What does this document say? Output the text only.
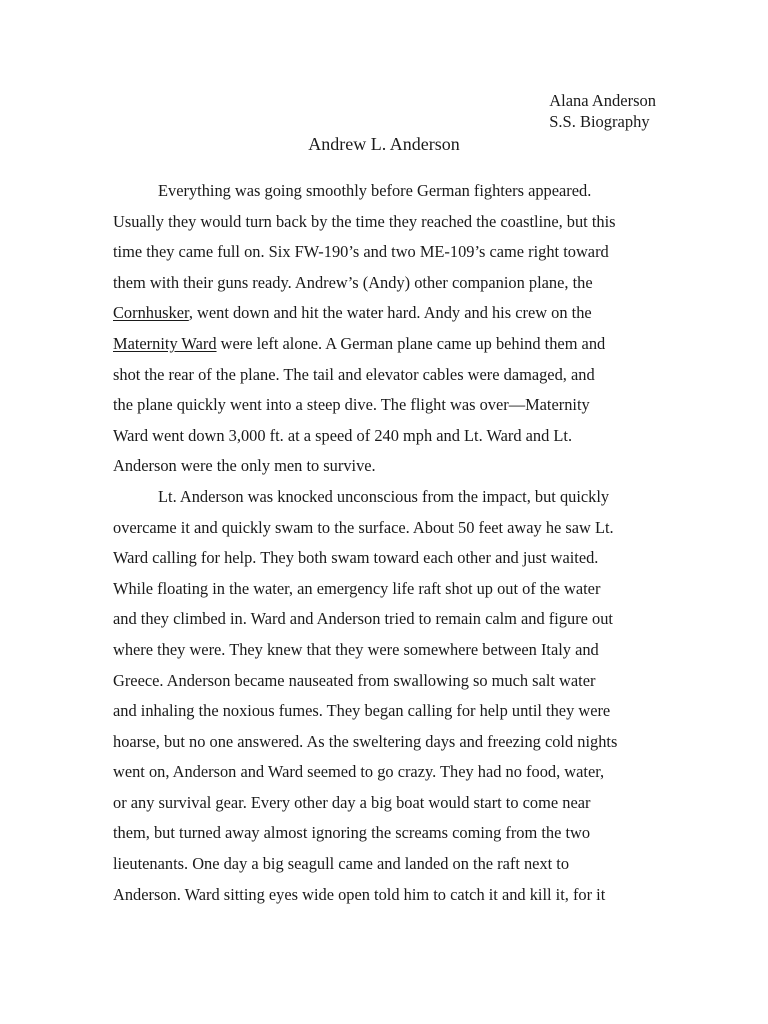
Alana Anderson
S.S. Biography
Andrew L. Anderson
Everything was going smoothly before German fighters appeared.
Usually they would turn back by the time they reached the coastline, but this
time they came full on. Six FW-190’s and two ME-109’s came right toward
them with their guns ready. Andrew’s (Andy) other companion plane, the
Cornhusker, went down and hit the water hard. Andy and his crew on the
Maternity Ward were left alone. A German plane came up behind them and
shot the rear of the plane. The tail and elevator cables were damaged, and
the plane quickly went into a steep dive. The flight was over—Maternity
Ward went down 3,000 ft. at a speed of 240 mph and Lt. Ward and Lt.
Anderson were the only men to survive.
Lt. Anderson was knocked unconscious from the impact, but quickly
overcame it and quickly swam to the surface. About 50 feet away he saw Lt.
Ward calling for help. They both swam toward each other and just waited.
While floating in the water, an emergency life raft shot up out of the water
and they climbed in. Ward and Anderson tried to remain calm and figure out
where they were. They knew that they were somewhere between Italy and
Greece. Anderson became nauseated from swallowing so much salt water
and inhaling the noxious fumes. They began calling for help until they were
hoarse, but no one answered. As the sweltering days and freezing cold nights
went on, Anderson and Ward seemed to go crazy. They had no food, water,
or any survival gear. Every other day a big boat would start to come near
them, but turned away almost ignoring the screams coming from the two
lieutenants. One day a big seagull came and landed on the raft next to
Anderson. Ward sitting eyes wide open told him to catch it and kill it, for it
